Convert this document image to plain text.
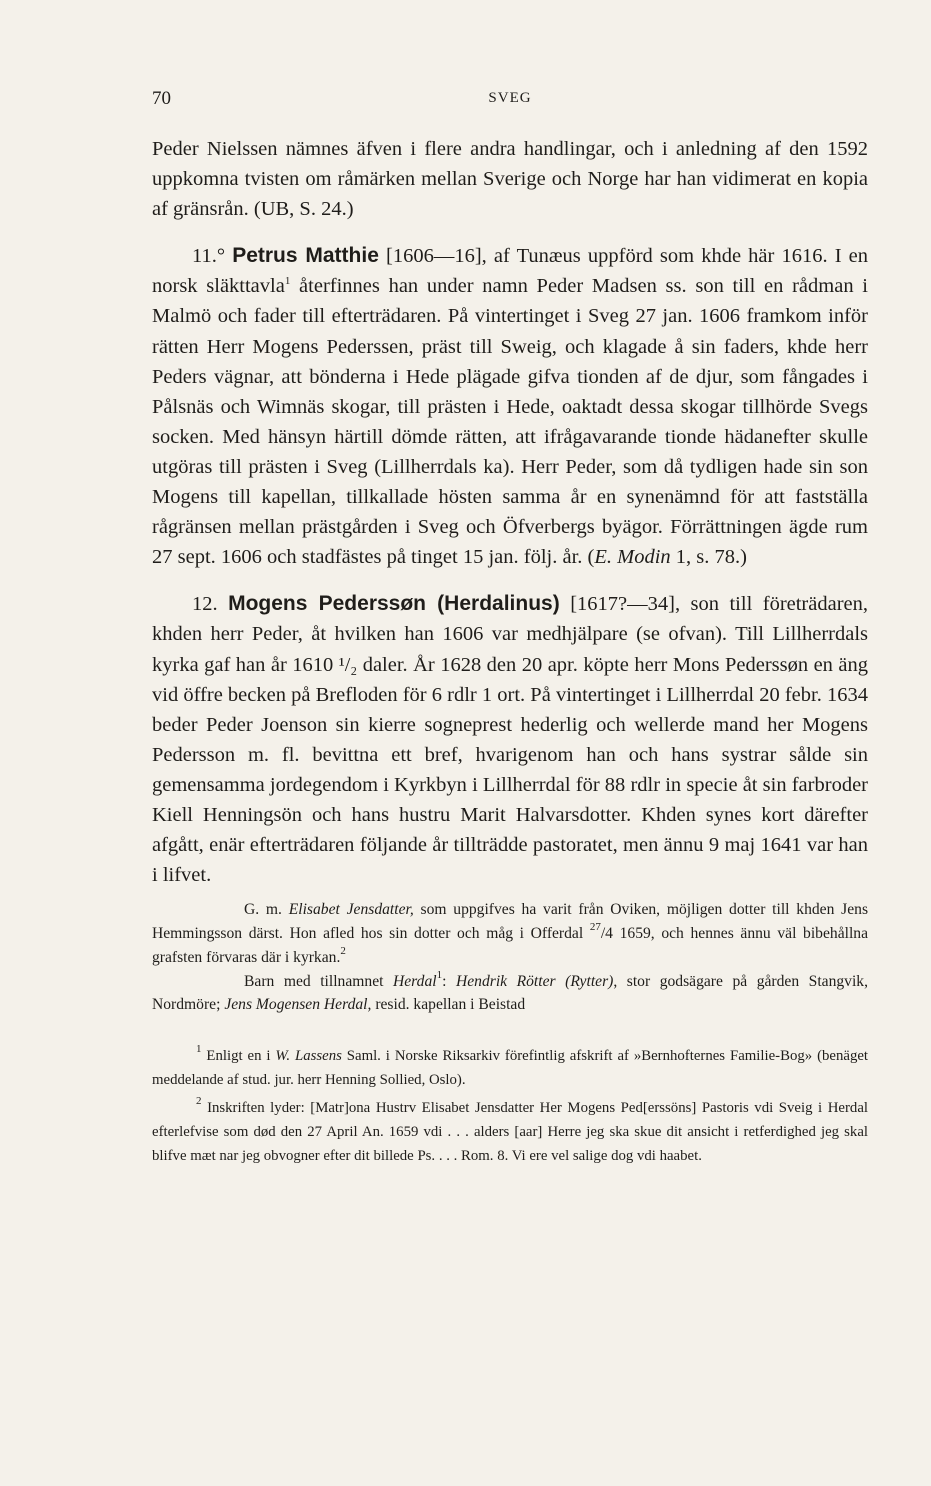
70	SVEG

Peder Nielssen nämnes äfven i flere andra handlingar, och i anledning af den 1592 uppkomna tvisten om råmärken mellan Sverige och Norge har han vidimerat en kopia af gränsrån. (UB, S. 24.)

11.° Petrus Matthie [1606—16], af Tunæus uppförd som khde här 1616. I en norsk släkttavla$^1$ återfinnes han under namn Peder Madsen ss. son till en rådman i Malmö och fader till efterträdaren. På vintertinget i Sveg 27 jan. 1606 framkom inför rätten Herr Mogens Pederssen, präst till Sweig, och klagade å sin faders, khde herr Peders vägnar, att bönderna i Hede plägade gifva tionden af de djur, som fångades i Pålsnäs och Wimnäs skogar, till prästen i Hede, oaktadt dessa skogar tillhörde Svegs socken. Med hänsyn härtill dömde rätten, att ifrågavarande tionde hädanefter skulle utgöras till prästen i Sveg (Lillherrdals ka). Herr Peder, som då tydligen hade sin son Mogens till kapellan, tillkallade hösten samma år en synenämnd för att fastställa rågränsen mellan prästgården i Sveg och Öfverbergs byägor. Förrättningen ägde rum 27 sept. 1606 och stadfästes på tinget 15 jan. följ. år. (E. Modin 1, s. 78.)

12. Mogens Pederssøn (Herdalinus) [1617?—34], son till företrädaren, khden herr Peder, åt hvilken han 1606 var medhjälpare (se ofvan). Till Lillherrdals kyrka gaf han år 1610 ¹/₂ daler. År 1628 den 20 apr. köpte herr Mons Pederssøn en äng vid öffre becken på Brefloden för 6 rdlr 1 ort. På vintertinget i Lillherrdal 20 febr. 1634 beder Peder Joenson sin kierre sogneprest hederlig och wellerde mand her Mogens Pedersson m. fl. bevittna ett bref, hvarigenom han och hans systrar sålde sin gemensamma jordegendom i Kyrkbyn i Lillherrdal för 88 rdlr in specie åt sin farbroder Kiell Henningsön och hans hustru Marit Halvarsdotter. Khden synes kort därefter afgått, enär efterträdaren följande år tillträdde pastoratet, men ännu 9 maj 1641 var han i lifvet.

G. m. Elisabet Jensdatter, som uppgifves ha varit från Oviken, möjligen dotter till khden Jens Hemmingsson därst. Hon afled hos sin dotter och måg i Offerdal $^{27}$/4 1659, och hennes ännu väl bibehållna grafsten förvaras där i kyrkan.$^2$

Barn med tillnamnet Herdal$^1$: Hendrik Rötter (Rytter), stor godsägare på gården Stangvik, Nordmöre; Jens Mogensen Herdal, resid. kapellan i Beistad

$^1$ Enligt en i W. Lassens Saml. i Norske Riksarkiv förefintlig afskrift af »Bernhofternes Familie-Bog» (benäget meddelande af stud. jur. herr Henning Sollied, Oslo).

$^2$ Inskriften lyder: [Matr]ona Hustrv Elisabet Jensdatter Her Mogens Ped[erssöns] Pastoris vdi Sveig i Herdal efterlefvise som død den 27 April An. 1659 vdi . . . alders [aar] Herre jeg ska skue dit ansicht i retferdighed jeg skal blifve mæt nar jeg obvogner efter dit billede Ps. . . . Rom. 8. Vi ere vel salige dog vdi haabet.
